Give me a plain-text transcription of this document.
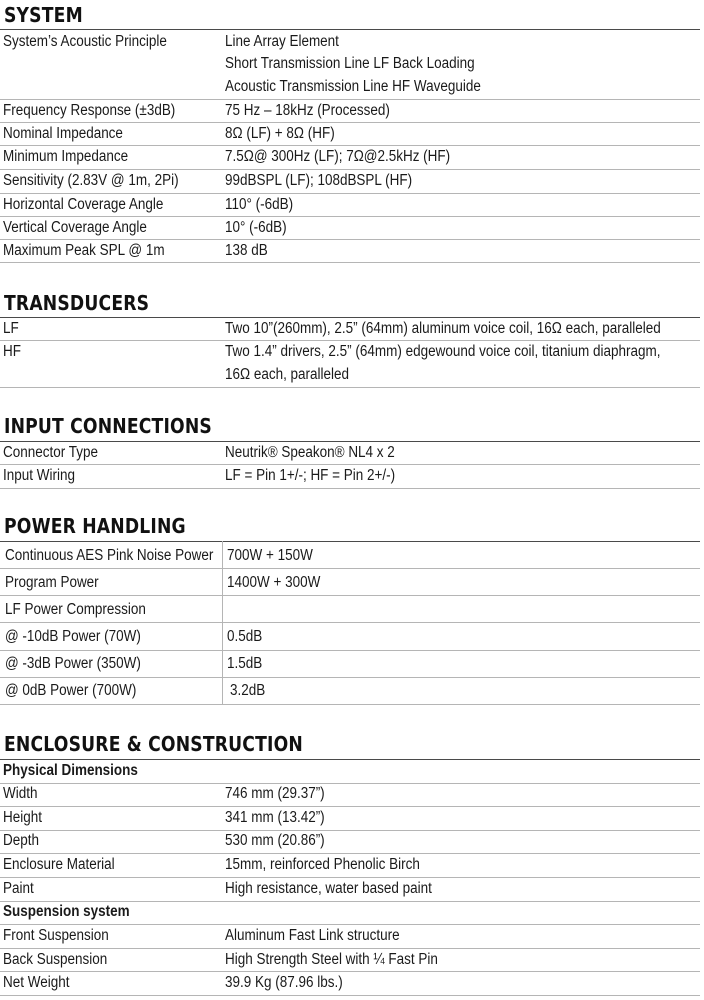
SYSTEM
System’s Acoustic Principle	Line Array Element
Short Transmission Line LF Back Loading
Acoustic Transmission Line HF Waveguide
Frequency Response (±3dB)	75 Hz – 18kHz (Processed)
Nominal Impedance	8Ω (LF) + 8Ω (HF)
Minimum Impedance	7.5Ω@ 300Hz (LF); 7Ω@2.5kHz (HF)
Sensitivity (2.83V @ 1m, 2Pi)	99dBSPL (LF); 108dBSPL (HF)
Horizontal Coverage Angle	110° (-6dB)
Vertical Coverage Angle	10° (-6dB)
Maximum Peak SPL @ 1m	138 dB
TRANSDUCERS
LF	Two 10”(260mm), 2.5” (64mm) aluminum voice coil, 16Ω each, paralleled
HF	Two 1.4” drivers, 2.5” (64mm) edgewound voice coil, titanium diaphragm,
16Ω each, paralleled
INPUT CONNECTIONS
Connector Type	Neutrik® Speakon® NL4 x 2
Input Wiring	LF = Pin 1+/-; HF = Pin 2+/-)
POWER HANDLING
Continuous AES Pink Noise Power 700W + 150W
Program Power	1400W + 300W
LF Power Compression
@ -10dB Power (70W)	0.5dB
@ -3dB Power (350W)	1.5dB
@ 0dB Power (700W)	3.2dB
ENCLOSURE & CONSTRUCTION
Physical Dimensions
Width	746 mm (29.37”)
Height	341 mm (13.42”)
Depth	530 mm (20.86”)
Enclosure Material	15mm, reinforced Phenolic Birch
Paint	High resistance, water based paint
Suspension system
Front Suspension	Aluminum Fast Link structure
Back Suspension	High Strength Steel with ¼ Fast Pin
Net Weight	39.9 Kg (87.96 lbs.)
